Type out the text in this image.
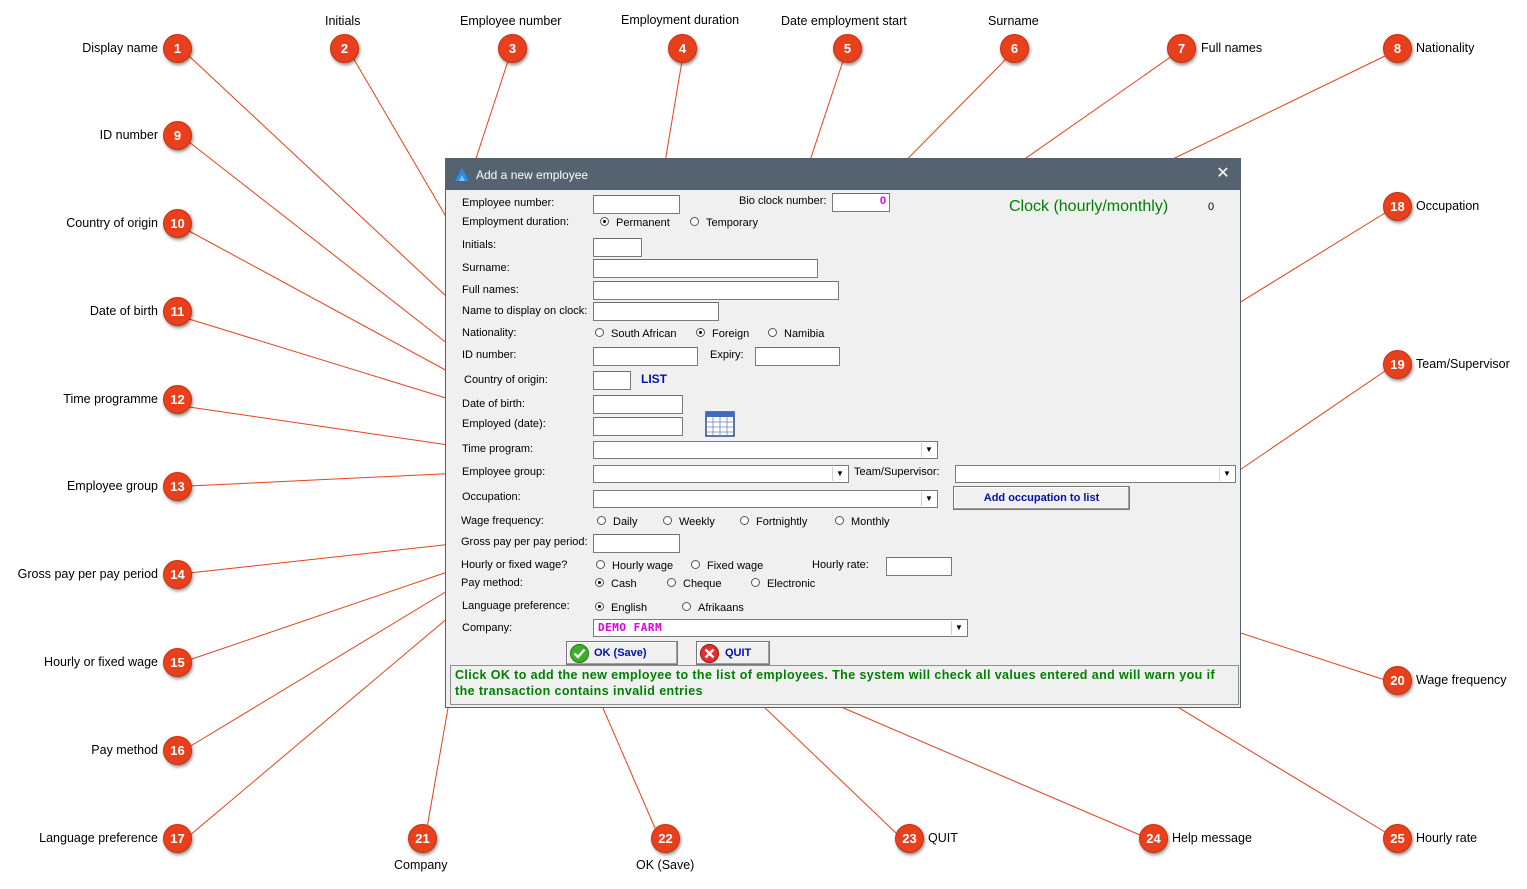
1
Display name	2
Initials
3
Employee number
4
Employment duration
5
Date employment start
6
Surname
7	Full names	8	Nationality
9
ID number
10
Country of origin
11
Date of birth
12
Time programme
13
Employee group
14
Gross pay per pay period
15
Hourly or fixed wage
16
Pay method
17
Language preference
18 Occupation
19 Team/Supervisor
20 Wage frequency
21
Company
22
OK (Save)
23 QUIT	24 Help message	25 Hourly rate
Add a new employee	✕
Employee number:	Bio clock number:	0	Clock (hourly/monthly)	0
Employment duration:	Permanent	Temporary
Initials:
Surname:
Full names:
Name to display on clock:
Nationality:	South African	Foreign	Namibia
ID number:	Expiry:
Country of origin:	LIST
Date of birth:
Employed (date):
Time program:	▼
Employee group:	▼ Team/Supervisor:	▼
Occupation:	▼	Add occupation to list
Wage frequency:	Daily	Weekly	Fortnightly	Monthly
Gross pay per pay period:
Hourly or fixed wage?	Hourly wage	Fixed wage	Hourly rate:
Pay method:	Cash	Cheque	Electronic
Language preference:	English	Afrikaans
Company:	DEMO FARM	▼
OK (Save)	QUIT
Click OK to add the new employee to the list of employees. The system will check all values entered and will warn you if the transaction contains invalid entries
